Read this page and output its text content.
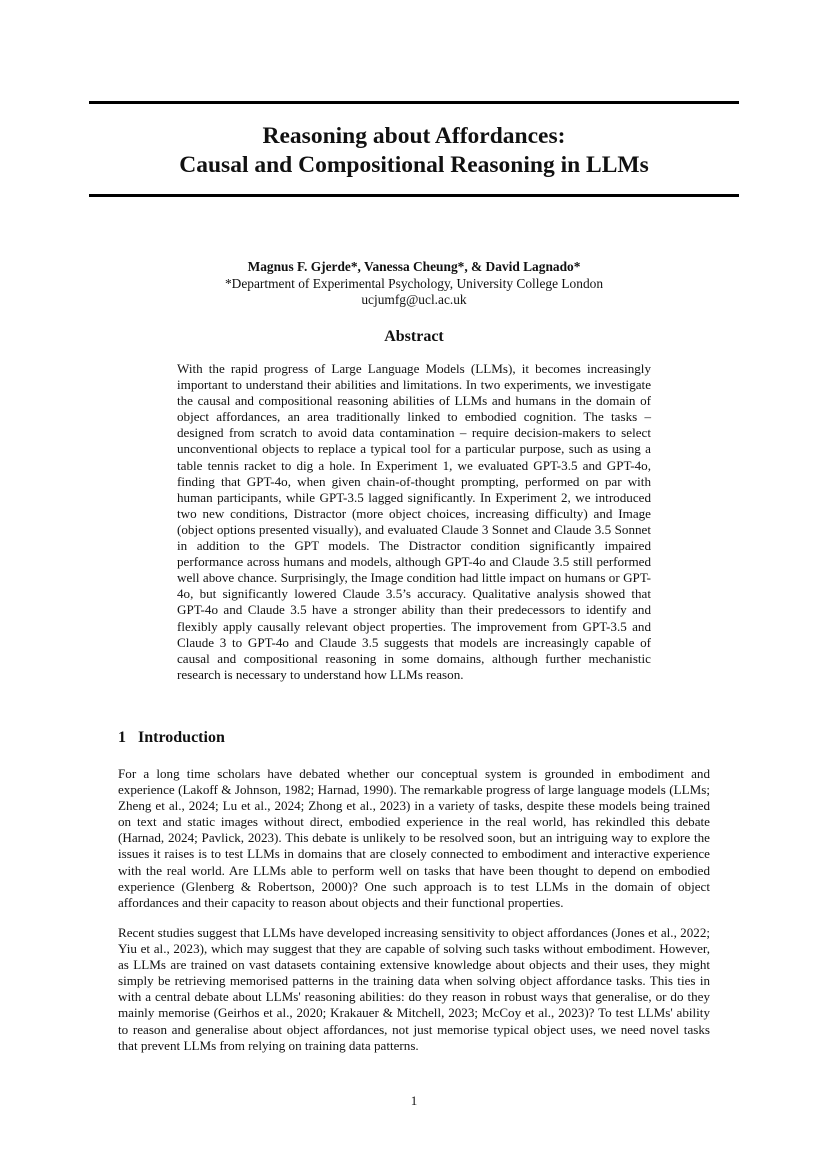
Reasoning about Affordances:
Causal and Compositional Reasoning in LLMs
Magnus F. Gjerde*, Vanessa Cheung*, & David Lagnado*
*Department of Experimental Psychology, University College London
ucjumfg@ucl.ac.uk
Abstract
With the rapid progress of Large Language Models (LLMs), it becomes increasingly important to understand their abilities and limitations. In two experiments, we investigate the causal and compositional reasoning abilities of LLMs and humans in the domain of object affordances, an area traditionally linked to embodied cognition. The tasks – designed from scratch to avoid data contamination – require decision-makers to select unconventional objects to replace a typical tool for a particular purpose, such as using a table tennis racket to dig a hole. In Experiment 1, we evaluated GPT-3.5 and GPT-4o, finding that GPT-4o, when given chain-of-thought prompting, performed on par with human participants, while GPT-3.5 lagged significantly. In Experiment 2, we introduced two new conditions, Distractor (more object choices, increasing difficulty) and Image (object options presented visually), and evaluated Claude 3 Sonnet and Claude 3.5 Sonnet in addition to the GPT models. The Distractor condition significantly impaired performance across humans and models, although GPT-4o and Claude 3.5 still performed well above chance. Surprisingly, the Image condition had little impact on humans or GPT-4o, but significantly lowered Claude 3.5’s accuracy. Qualitative analysis showed that GPT-4o and Claude 3.5 have a stronger ability than their predecessors to identify and flexibly apply causally relevant object properties. The improvement from GPT-3.5 and Claude 3 to GPT-4o and Claude 3.5 suggests that models are increasingly capable of causal and compositional reasoning in some domains, although further mechanistic research is necessary to understand how LLMs reason.
1 Introduction
For a long time scholars have debated whether our conceptual system is grounded in embodiment and experience (Lakoff & Johnson, 1982; Harnad, 1990). The remarkable progress of large language models (LLMs; Zheng et al., 2024; Lu et al., 2024; Zhong et al., 2023) in a variety of tasks, despite these models being trained on text and static images without direct, embodied experience in the real world, has rekindled this debate (Harnad, 2024; Pavlick, 2023). This debate is unlikely to be resolved soon, but an intriguing way to explore the issues it raises is to test LLMs in domains that are closely connected to embodiment and interactive experience with the real world. Are LLMs able to perform well on tasks that have been thought to depend on embodied experience (Glenberg & Robertson, 2000)? One such approach is to test LLMs in the domain of object affordances and their capacity to reason about objects and their functional properties.
Recent studies suggest that LLMs have developed increasing sensitivity to object affordances (Jones et al., 2022; Yiu et al., 2023), which may suggest that they are capable of solving such tasks without embodiment. However, as LLMs are trained on vast datasets containing extensive knowledge about objects and their uses, they might simply be retrieving memorised patterns in the training data when solving object affordance tasks. This ties in with a central debate about LLMs' reasoning abilities: do they reason in robust ways that generalise, or do they mainly memorise (Geirhos et al., 2020; Krakauer & Mitchell, 2023; McCoy et al., 2023)? To test LLMs' ability to reason and generalise about object affordances, not just memorise typical object uses, we need novel tasks that prevent LLMs from relying on training data patterns.
1
